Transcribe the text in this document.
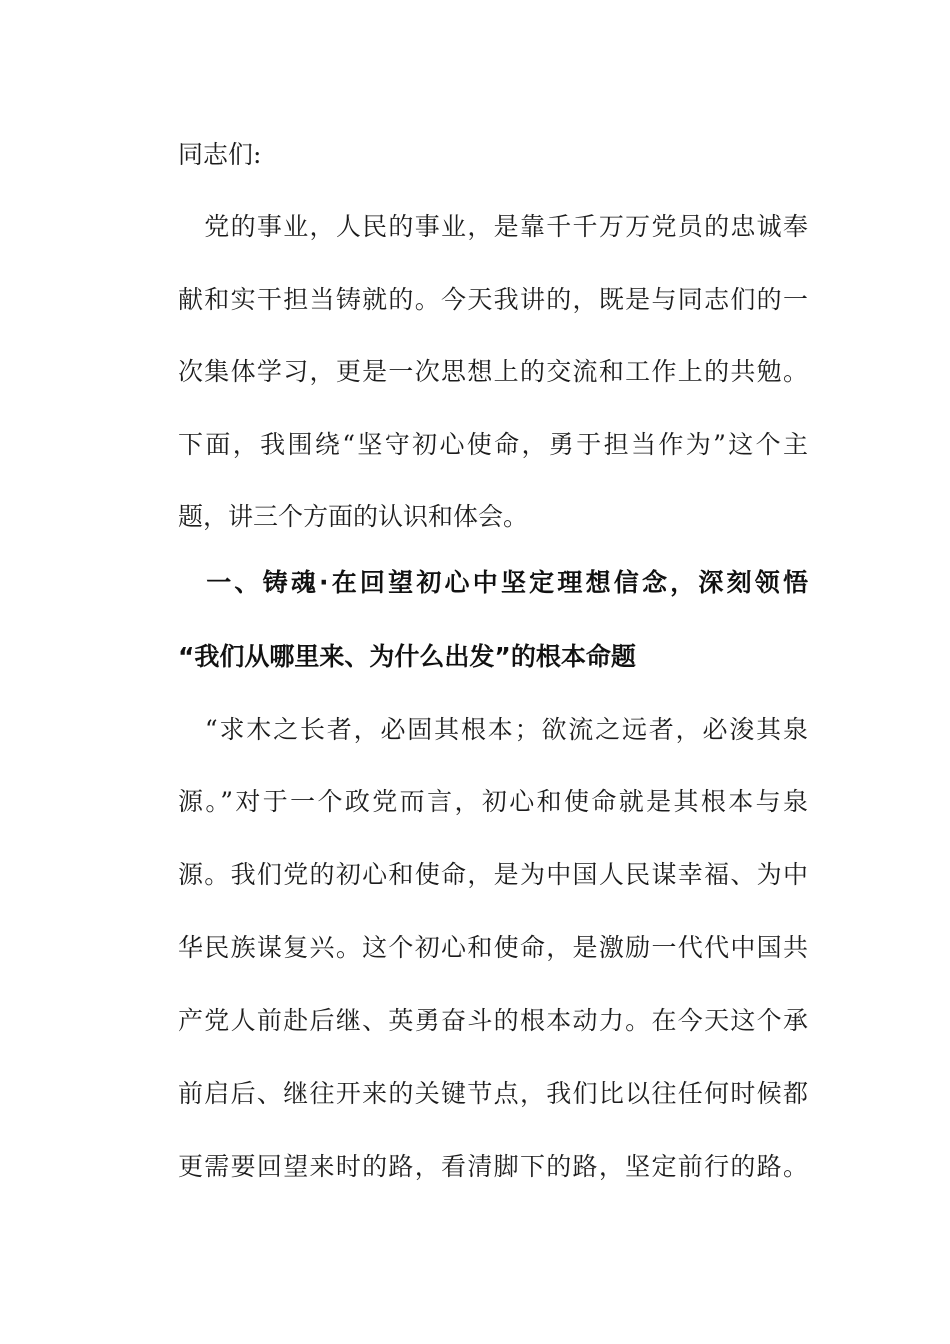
同志们:
　党的事业，人民的事业，是靠千千万万党员的忠诚奉
献和实干担当铸就的。今天我讲的，既是与同志们的一
次集体学习，更是一次思想上的交流和工作上的共勉。
下面，我围绕“坚守初心使命，勇于担当作为”这个主
题，讲三个方面的认识和体会。
　一、铸魂·在回望初心中坚定理想信念，深刻领悟
“我们从哪里来、为什么出发”的根本命题
　“求木之长者，必固其根本；欲流之远者，必浚其泉
源。”对于一个政党而言，初心和使命就是其根本与泉
源。我们党的初心和使命，是为中国人民谋幸福、为中
华民族谋复兴。这个初心和使命，是激励一代代中国共
产党人前赴后继、英勇奋斗的根本动力。在今天这个承
前启后、继往开来的关键节点，我们比以往任何时候都
更需要回望来时的路，看清脚下的路，坚定前行的路。
